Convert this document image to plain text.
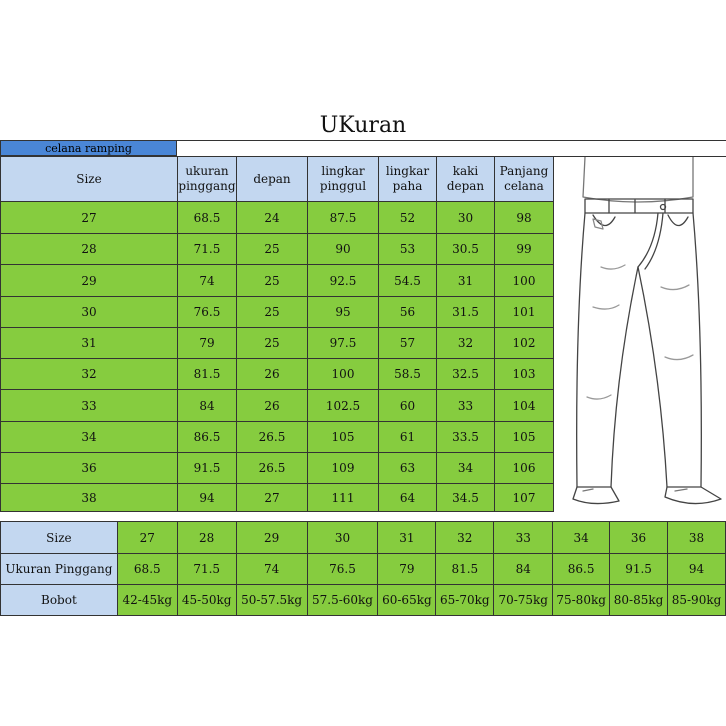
UKuran
celana ramping
Size	ukuran pinggang	depan	lingkar pinggul	lingkar paha	kaki depan	Panjang celana
27	68.5	24	87.5	52	30	98
28	71.5	25	90	53	30.5	99
29	74	25	92.5	54.5	31	100
30	76.5	25	95	56	31.5	101
31	79	25	97.5	57	32	102
32	81.5	26	100	58.5	32.5	103
33	84	26	102.5	60	33	104
34	86.5	26.5	105	61	33.5	105
36	91.5	26.5	109	63	34	106
38	94	27	111	64	34.5	107
Size	27	28	29	30	31	32	33	34	36	38
Ukuran Pinggang	68.5	71.5	74	76.5	79	81.5	84	86.5	91.5	94
Bobot	42-45kg	45-50kg	50-57.5kg	57.5-60kg	60-65kg	65-70kg	70-75kg	75-80kg	80-85kg	85-90kg
